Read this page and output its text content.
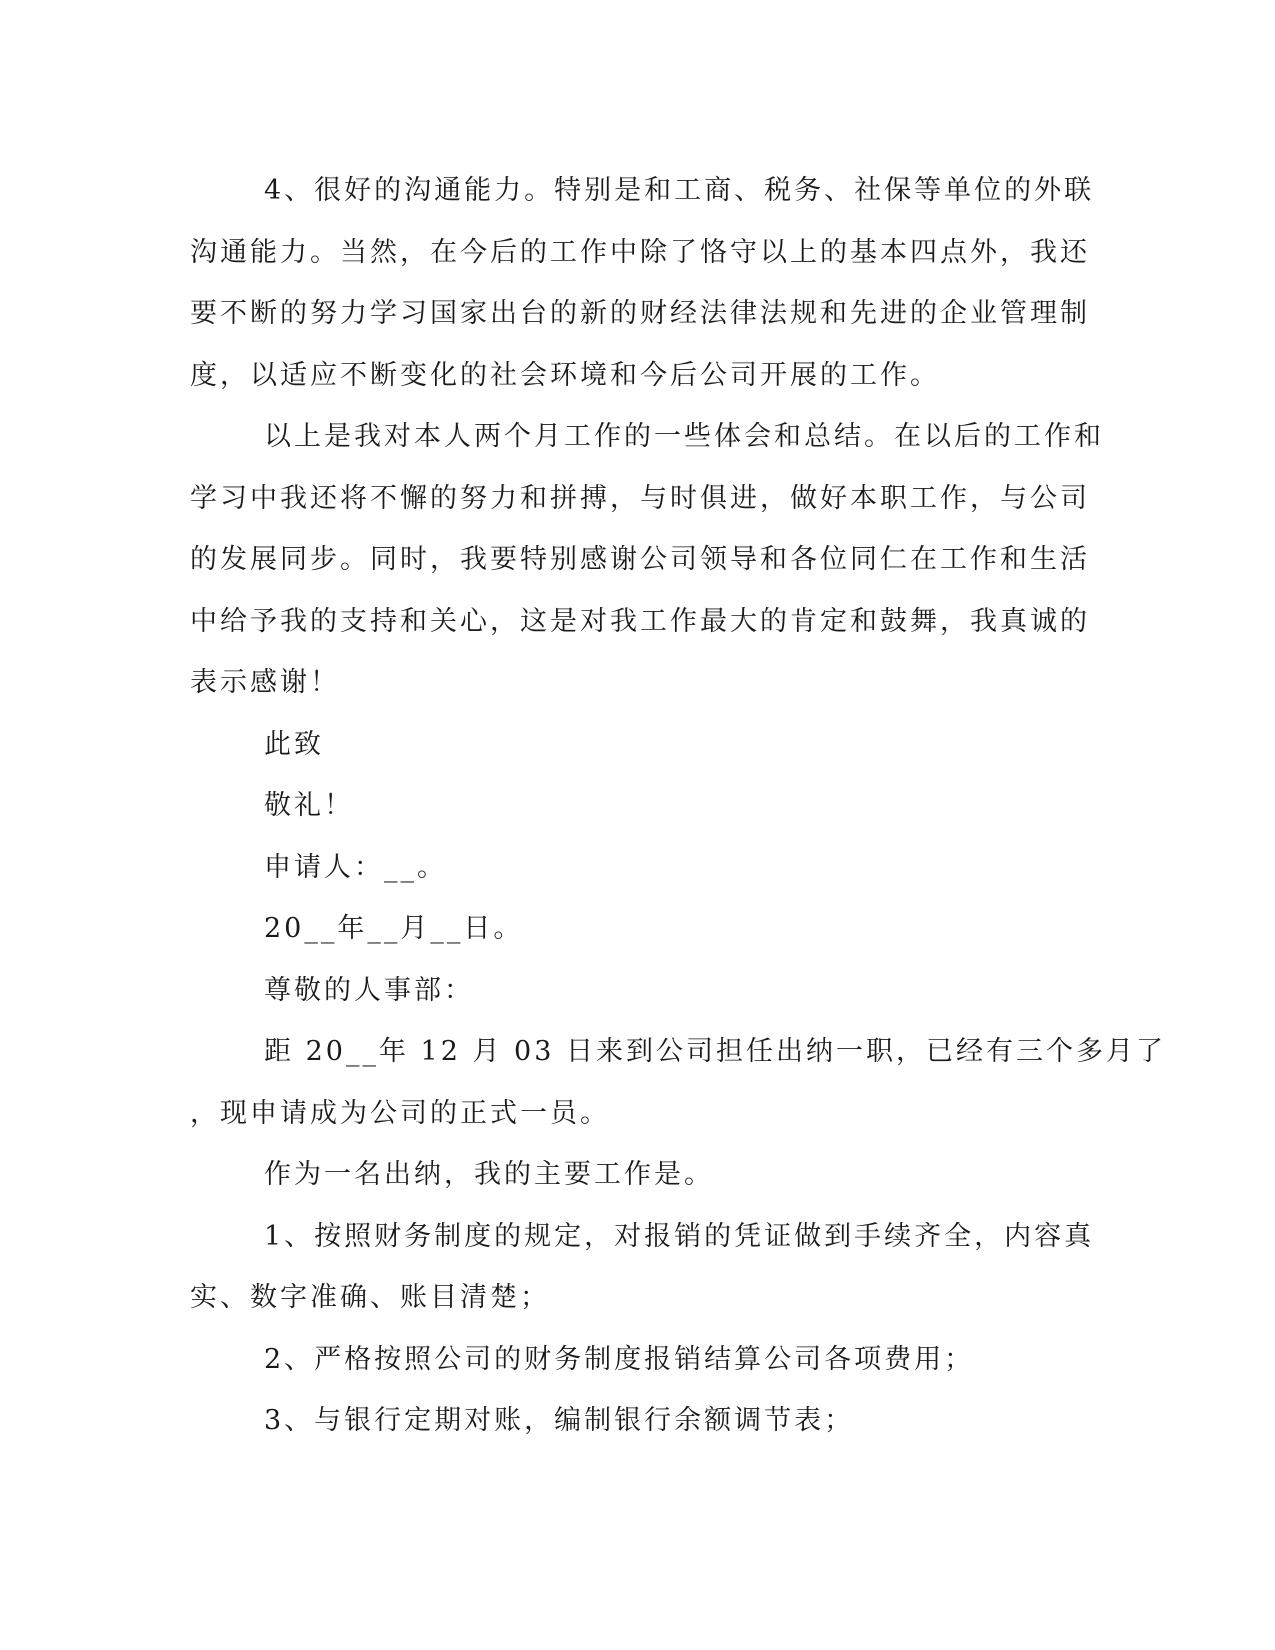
4、很好的沟通能力。特别是和工商、税务、社保等单位的外联
沟通能力。当然，在今后的工作中除了恪守以上的基本四点外，我还
要不断的努力学习国家出台的新的财经法律法规和先进的企业管理制
度，以适应不断变化的社会环境和今后公司开展的工作。
以上是我对本人两个月工作的一些体会和总结。在以后的工作和
学习中我还将不懈的努力和拼搏，与时俱进，做好本职工作，与公司
的发展同步。同时，我要特别感谢公司领导和各位同仁在工作和生活
中给予我的支持和关心，这是对我工作最大的肯定和鼓舞，我真诚的
表示感谢！
此致
敬礼！
申请人：__。
20__年__月__日。
尊敬的人事部：
距 20__年 12 月 03 日来到公司担任出纳一职，已经有三个多月了
，现申请成为公司的正式一员。
作为一名出纳，我的主要工作是。
1、按照财务制度的规定，对报销的凭证做到手续齐全，内容真
实、数字准确、账目清楚；
2、严格按照公司的财务制度报销结算公司各项费用；
3、与银行定期对账，编制银行余额调节表；
